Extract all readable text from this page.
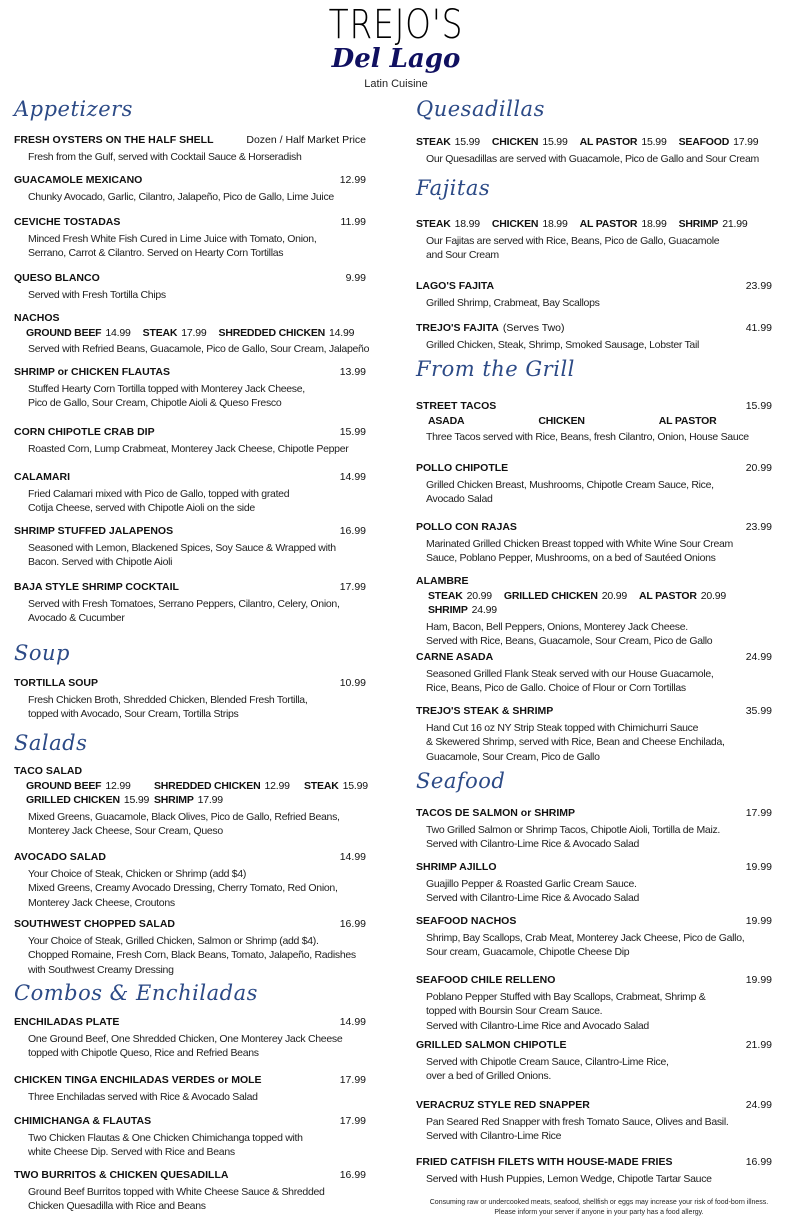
TREJO'S
Del Lago
Latin Cuisine
Appetizers
FRESH OYSTERS ON THE HALF SHELL	Dozen / Half Market Price
Fresh from the Gulf, served with Cocktail Sauce & Horseradish
GUACAMOLE MEXICANO	12.99
Chunky Avocado, Garlic, Cilantro, Jalapeño, Pico de Gallo, Lime Juice
CEVICHE TOSTADAS	11.99
Minced Fresh White Fish Cured in Lime Juice with Tomato, Onion,
Serrano, Carrot & Cilantro. Served on Hearty Corn Tortillas
QUESO BLANCO	9.99
Served with Fresh Tortilla Chips
NACHOS
GROUND BEEF 14.99 STEAK 17.99 SHREDDED CHICKEN 14.99
Served with Refried Beans, Guacamole, Pico de Gallo, Sour Cream, Jalapeño
SHRIMP or CHICKEN FLAUTAS	13.99
Stuffed Hearty Corn Tortilla topped with Monterey Jack Cheese,
Pico de Gallo, Sour Cream, Chipotle Aioli & Queso Fresco
CORN CHIPOTLE CRAB DIP	15.99
Roasted Corn, Lump Crabmeat, Monterey Jack Cheese, Chipotle Pepper
CALAMARI	14.99
Fried Calamari mixed with Pico de Gallo, topped with grated
Cotija Cheese, served with Chipotle Aioli on the side
SHRIMP STUFFED JALAPENOS	16.99
Seasoned with Lemon, Blackened Spices, Soy Sauce & Wrapped with
Bacon. Served with Chipotle Aioli
BAJA STYLE SHRIMP COCKTAIL	17.99
Served with Fresh Tomatoes, Serrano Peppers, Cilantro, Celery, Onion,
Avocado & Cucumber
Soup
TORTILLA SOUP	10.99
Fresh Chicken Broth, Shredded Chicken, Blended Fresh Tortilla,
topped with Avocado, Sour Cream, Tortilla Strips
Salads
TACO SALAD
GROUND BEEF 12.99	SHREDDED CHICKEN 12.99	STEAK 15.99
GRILLED CHICKEN 15.99 SHRIMP 17.99
Mixed Greens, Guacamole, Black Olives, Pico de Gallo, Refried Beans,
Monterey Jack Cheese, Sour Cream, Queso
AVOCADO SALAD	14.99
Your Choice of Steak, Chicken or Shrimp (add $4)
Mixed Greens, Creamy Avocado Dressing, Cherry Tomato, Red Onion,
Monterey Jack Cheese, Croutons
SOUTHWEST CHOPPED SALAD	16.99
Your Choice of Steak, Grilled Chicken, Salmon or Shrimp (add $4).
Chopped Romaine, Fresh Corn, Black Beans, Tomato, Jalapeño, Radishes
with Southwest Creamy Dressing
Combos & Enchiladas
ENCHILADAS PLATE	14.99
One Ground Beef, One Shredded Chicken, One Monterey Jack Cheese
topped with Chipotle Queso, Rice and Refried Beans
CHICKEN TINGA ENCHILADAS VERDES or MOLE	17.99
Three Enchiladas served with Rice & Avocado Salad
CHIMICHANGA & FLAUTAS	17.99
Two Chicken Flautas & One Chicken Chimichanga topped with
white Cheese Dip. Served with Rice and Beans
TWO BURRITOS & CHICKEN QUESADILLA	16.99
Ground Beef Burritos topped with White Cheese Sauce & Shredded
Chicken Quesadilla with Rice and Beans
Quesadillas
STEAK 15.99 CHICKEN 15.99 AL PASTOR 15.99 SEAFOOD 17.99
Our Quesadillas are served with Guacamole, Pico de Gallo and Sour Cream
Fajitas
STEAK 18.99 CHICKEN 18.99 AL PASTOR 18.99 SHRIMP 21.99
Our Fajitas are served with Rice, Beans, Pico de Gallo, Guacamole
and Sour Cream
LAGO'S FAJITA	23.99
Grilled Shrimp, Crabmeat, Bay Scallops
TREJO'S FAJITA (Serves Two)	41.99
Grilled Chicken, Steak, Shrimp, Smoked Sausage, Lobster Tail
From the Grill
STREET TACOS	15.99
ASADA	CHICKEN	AL PASTOR
Three Tacos served with Rice, Beans, fresh Cilantro, Onion, House Sauce
POLLO CHIPOTLE	20.99
Grilled Chicken Breast, Mushrooms, Chipotle Cream Sauce, Rice,
Avocado Salad
POLLO CON RAJAS	23.99
Marinated Grilled Chicken Breast topped with White Wine Sour Cream
Sauce, Poblano Pepper, Mushrooms, on a bed of Sautéed Onions
ALAMBRE
STEAK 20.99 GRILLED CHICKEN 20.99 AL PASTOR 20.99
SHRIMP 24.99
Ham, Bacon, Bell Peppers, Onions, Monterey Jack Cheese.
Served with Rice, Beans, Guacamole, Sour Cream, Pico de Gallo
CARNE ASADA	24.99
Seasoned Grilled Flank Steak served with our House Guacamole,
Rice, Beans, Pico de Gallo. Choice of Flour or Corn Tortillas
TREJO'S STEAK & SHRIMP	35.99
Hand Cut 16 oz NY Strip Steak topped with Chimichurri Sauce
& Skewered Shrimp, served with Rice, Bean and Cheese Enchilada,
Guacamole, Sour Cream, Pico de Gallo
Seafood
TACOS DE SALMON or SHRIMP	17.99
Two Grilled Salmon or Shrimp Tacos, Chipotle Aioli, Tortilla de Maiz.
Served with Cilantro-Lime Rice & Avocado Salad
SHRIMP AJILLO	19.99
Guajillo Pepper & Roasted Garlic Cream Sauce.
Served with Cilantro-Lime Rice & Avocado Salad
SEAFOOD NACHOS	19.99
Shrimp, Bay Scallops, Crab Meat, Monterey Jack Cheese, Pico de Gallo,
Sour cream, Guacamole, Chipotle Cheese Dip
SEAFOOD CHILE RELLENO	19.99
Poblano Pepper Stuffed with Bay Scallops, Crabmeat, Shrimp &
topped with Boursin Sour Cream Sauce.
Served with Cilantro-Lime Rice and Avocado Salad
GRILLED SALMON CHIPOTLE	21.99
Served with Chipotle Cream Sauce, Cilantro-Lime Rice,
over a bed of Grilled Onions.
VERACRUZ STYLE RED SNAPPER	24.99
Pan Seared Red Snapper with fresh Tomato Sauce, Olives and Basil.
Served with Cilantro-Lime Rice
FRIED CATFISH FILETS WITH HOUSE-MADE FRIES	16.99
Served with Hush Puppies, Lemon Wedge, Chipotle Tartar Sauce
Consuming raw or undercooked meats, seafood, shellfish or eggs may increase your risk of food-born illness.
Please inform your server if anyone in your party has a food allergy.
